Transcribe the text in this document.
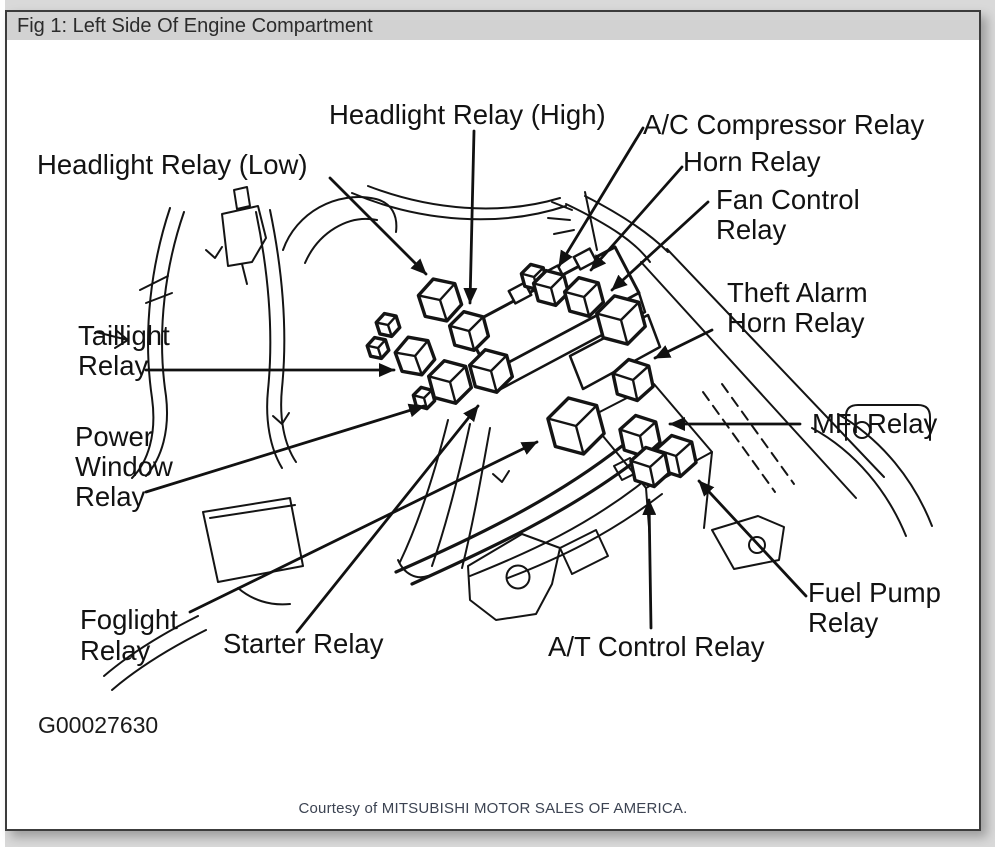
Fig 1: Left Side Of Engine Compartment
Courtesy of MITSUBISHI MOTOR SALES OF AMERICA.
Headlight Relay (High)
Headlight Relay (Low)
A/C Compressor Relay
Horn Relay
Fan Control
Relay
Theft Alarm
Horn Relay
MFI Relay
Taillight
Relay
Power
Window
Relay
Foglight
Relay	Starter Relay	A/T Control Relay
Fuel Pump
Relay
G00027630
